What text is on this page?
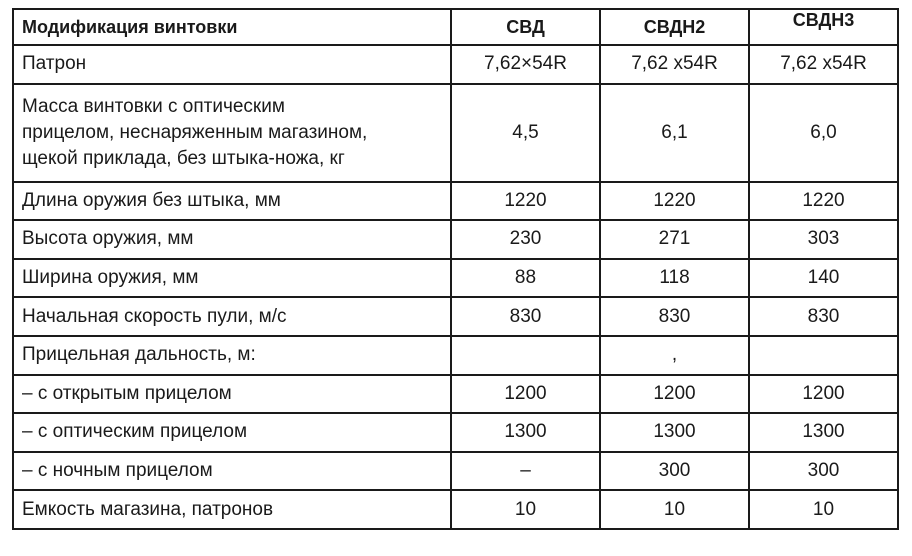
Модификация винтовки	СВД	СВДН2	СВДН3
Патрон	7,62×54R	7,62 х54R	7,62 х54R

Масса винтовки с оптическим
прицелом, неснаряженным магазином,
щекой приклада, без штыка-ножа, кг	4,5	6,1	6,0
Длина оружия без штыка, мм	1220	1220	1220
Высота оружия, мм	230	271	303
Ширина оружия, мм	88	118	140
Начальная скорость пули, м/с	830	830	830
Прицельная дальность, м:		,	
– с открытым прицелом	1200	1200	1200
– с оптическим прицелом	1300	1300	1300
– с ночным прицелом	–	300	300
Емкость магазина, патронов	10	10	10
